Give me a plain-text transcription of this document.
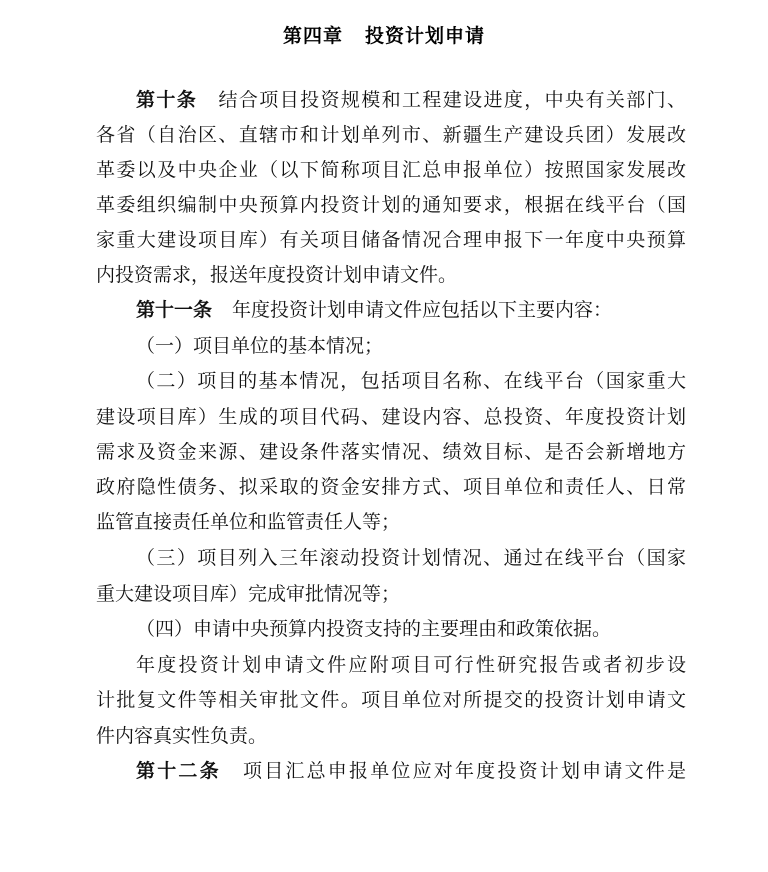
第四章 投资计划申请
第十条 结合项目投资规模和工程建设进度，中央有关部门、
各省（自治区、直辖市和计划单列市、新疆生产建设兵团）发展改
革委以及中央企业（以下简称项目汇总申报单位）按照国家发展改
革委组织编制中央预算内投资计划的通知要求，根据在线平台（国
家重大建设项目库）有关项目储备情况合理申报下一年度中央预算
内投资需求，报送年度投资计划申请文件。
第十一条 年度投资计划申请文件应包括以下主要内容：
（一）项目单位的基本情况；
（二）项目的基本情况，包括项目名称、在线平台（国家重大
建设项目库）生成的项目代码、建设内容、总投资、年度投资计划
需求及资金来源、建设条件落实情况、绩效目标、是否会新增地方
政府隐性债务、拟采取的资金安排方式、项目单位和责任人、日常
监管直接责任单位和监管责任人等；
（三）项目列入三年滚动投资计划情况、通过在线平台（国家
重大建设项目库）完成审批情况等；
（四）申请中央预算内投资支持的主要理由和政策依据。
年度投资计划申请文件应附项目可行性研究报告或者初步设
计批复文件等相关审批文件。项目单位对所提交的投资计划申请文
件内容真实性负责。
第十二条 项目汇总申报单位应对年度投资计划申请文件是
